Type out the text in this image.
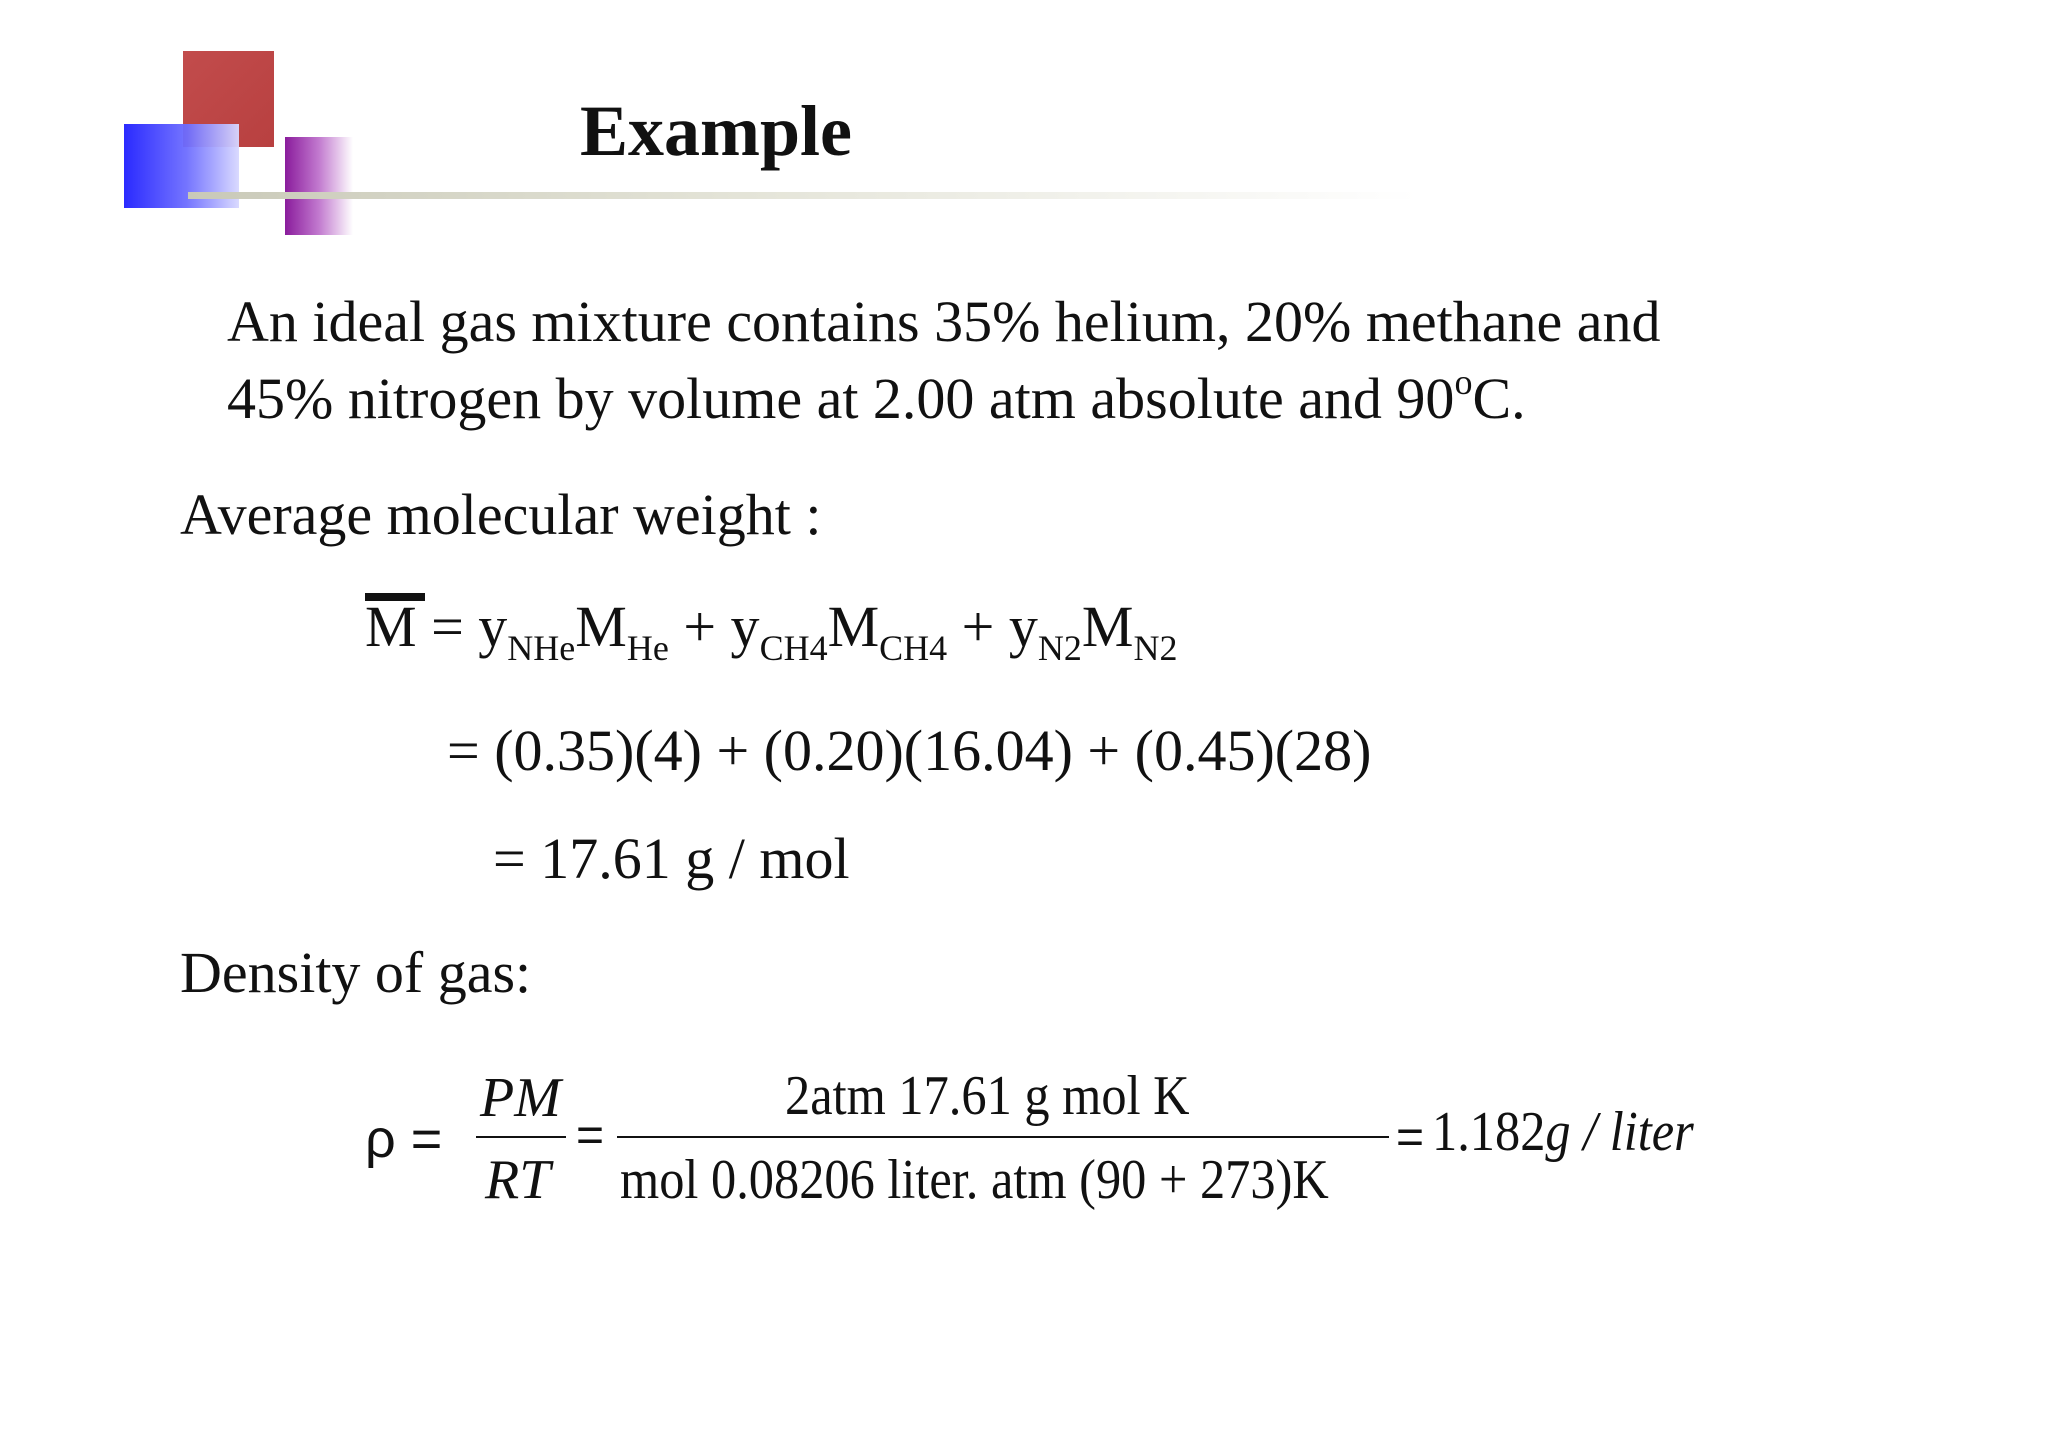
Example
An ideal gas mixture contains 35% helium, 20% methane and
45% nitrogen by volume at 2.00 atm absolute and 90$^o$C.
Average molecular weight :
$M = y_{NHe}M_{He} + y_{CH4}M_{CH4} + y_{N2}M_{N2}$
= (0.35)(4) + (0.20)(16.04) + (0.45)(28)
= 17.61 g / mol
Density of gas:
ρ =
PM
RT
=
2atm 17.61 g mol K
mol 0.08206 liter. atm (90 + 273)K
= 1.182g / liter
